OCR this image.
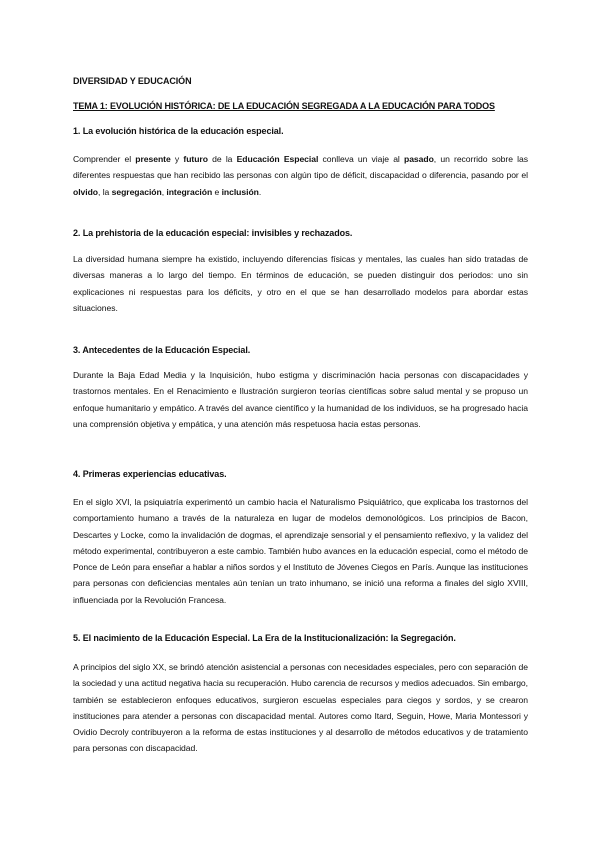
DIVERSIDAD Y EDUCACIÓN
TEMA 1: EVOLUCIÓN HISTÓRICA: DE LA EDUCACIÓN SEGREGADA A LA EDUCACIÓN PARA TODOS
1. La evolución histórica de la educación especial.
Comprender el presente y futuro de la Educación Especial conlleva un viaje al pasado, un recorrido sobre las diferentes respuestas que han recibido las personas con algún tipo de déficit, discapacidad o diferencia, pasando por el olvido, la segregación, integración e inclusión.
2. La prehistoria de la educación especial: invisibles y rechazados.
La diversidad humana siempre ha existido, incluyendo diferencias físicas y mentales, las cuales han sido tratadas de diversas maneras a lo largo del tiempo. En términos de educación, se pueden distinguir dos periodos: uno sin explicaciones ni respuestas para los déficits, y otro en el que se han desarrollado modelos para abordar estas situaciones.
3. Antecedentes de la Educación Especial.
Durante la Baja Edad Media y la Inquisición, hubo estigma y discriminación hacia personas con discapacidades y trastornos mentales. En el Renacimiento e Ilustración surgieron teorías científicas sobre salud mental y se propuso un enfoque humanitario y empático. A través del avance científico y la humanidad de los individuos, se ha progresado hacia una comprensión objetiva y empática, y una atención más respetuosa hacia estas personas.
4. Primeras experiencias educativas.
En el siglo XVI, la psiquiatría experimentó un cambio hacia el Naturalismo Psiquiátrico, que explicaba los trastornos del comportamiento humano a través de la naturaleza en lugar de modelos demonológicos. Los principios de Bacon, Descartes y Locke, como la invalidación de dogmas, el aprendizaje sensorial y el pensamiento reflexivo, y la validez del método experimental, contribuyeron a este cambio. También hubo avances en la educación especial, como el método de Ponce de León para enseñar a hablar a niños sordos y el Instituto de Jóvenes Ciegos en París. Aunque las instituciones para personas con deficiencias mentales aún tenían un trato inhumano, se inició una reforma a finales del siglo XVIII, influenciada por la Revolución Francesa.
5. El nacimiento de la Educación Especial. La Era de la Institucionalización: la Segregación.
A principios del siglo XX, se brindó atención asistencial a personas con necesidades especiales, pero con separación de la sociedad y una actitud negativa hacia su recuperación. Hubo carencia de recursos y medios adecuados. Sin embargo, también se establecieron enfoques educativos, surgieron escuelas especiales para ciegos y sordos, y se crearon instituciones para atender a personas con discapacidad mental. Autores como Itard, Seguin, Howe, Maria Montessori y Ovidio Decroly contribuyeron a la reforma de estas instituciones y al desarrollo de métodos educativos y de tratamiento para personas con discapacidad.
